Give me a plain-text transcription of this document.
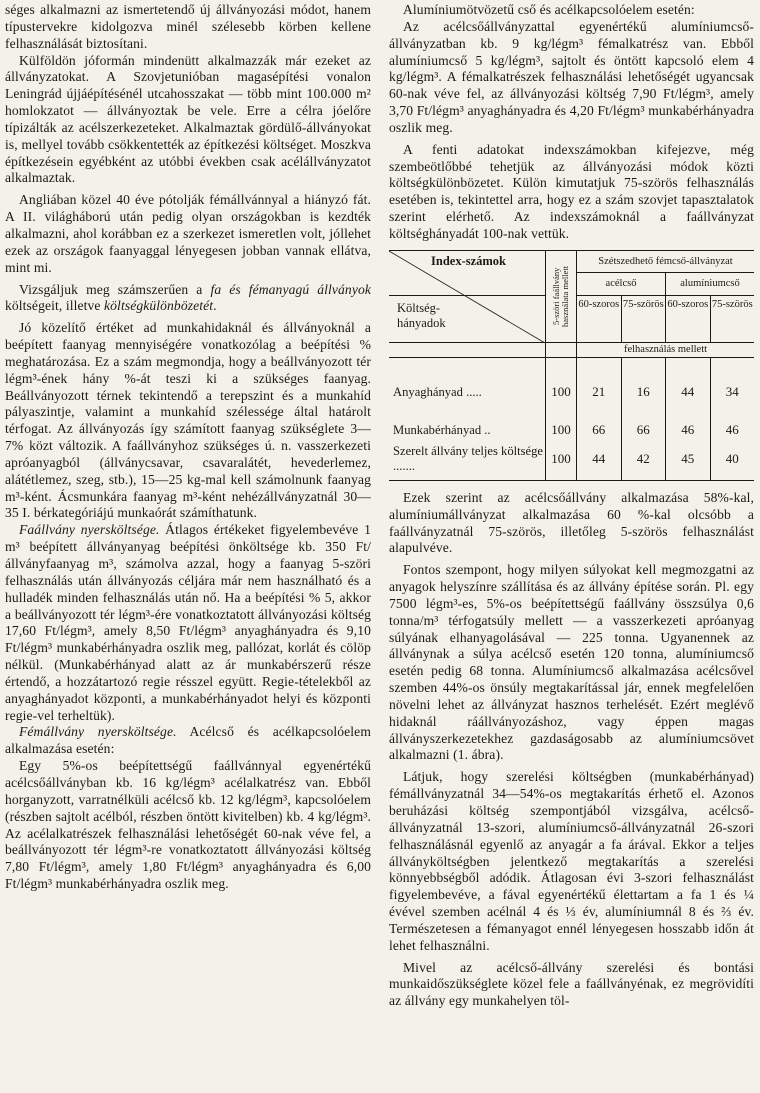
séges alkalmazni az ismertetendő új állványozási módot, hanem típustervekre kidolgozva minél szélesebb körben kellene felhasználását biztosítani.

Külföldön jóformán mindenütt alkalmazzák már ezeket az állványzatokat. A Szovjetunióban magasépítési vonalon Leningrád újjáépítésénél utcahosszakat — több mint 100.000 m² homlokzatot — állványoztak be vele. Erre a célra jóelőre típizálták az acélszerkezeteket. Alkalmaztak gördülő-állványokat is, mellyel tovább csökkentették az építkezési költséget. Moszkva építkezésein egyébként az utóbbi években csak acélállványzatot alkalmaztak.

Angliában közel 40 éve pótolják fémállvánnyal a hiányzó fát. A II. világháború után pedig olyan országokban is kezdték alkalmazni, ahol korábban ez a szerkezet ismeretlen volt, jóllehet ezek az országok faanyaggal lényegesen jobban vannak ellátva, mint mi.

Vizsgáljuk meg számszerűen a fa és fémanyagú állványok költségeit, illetve költségkülönbözetét.

Jó közelítő értéket ad munkahidaknál és állványoknál a beépített faanyag mennyiségére vonatkozólag a beépítési % meghatározása. Ez a szám megmondja, hogy a beállványozott tér légm³-ének hány %-át teszi ki a szükséges faanyag. Beállványozott térnek tekintendő a terepszint és a munkahíd pályaszintje, valamint a munkahíd szélessége által határolt térfogat. Az állványozás így számított faanyag szükséglete 3—7% közt változik. A faállványhoz szükséges ú. n. vasszerkezeti apróanyagból (állványcsavar, csavaralátét, hevederlemez, alátétlemez, szeg, stb.), 15—25 kg-mal kell számolnunk faanyag m³-ként. Ácsmunkára faanyag m³-ként nehézállványzatnál 30—35 I. bérkategóriájú munkaórát számíthatunk.

Faállvány nyersköltsége. Átlagos értékeket figyelembevéve 1 m³ beépített állványanyag beépítési önköltsége kb. 350 Ft/állványfaanyag m³, számolva azzal, hogy a faanyag 5-szöri felhasználás után állványozás céljára már nem használható és a hulladék minden felhasználás után nő. Ha a beépítési % 5, akkor a beállványozott tér légm³-ére vonatkoztatott állványozási költség 17,60 Ft/légm³, amely 8,50 Ft/légm³ anyaghányadra és 9,10 Ft/légm³ munkabérhányadra oszlik meg, pallózat, korlát és cölöp nélkül. (Munkabérhányad alatt az ár munkabérszerű része értendő, a hozzátartozó regie résszel együtt. Regie-tételekből az anyaghányadot központi, a munkabérhányadot helyi és központi regie-vel terheltük).

Fémállvány nyersköltsége. Acélcső és acélkapcsolóelem alkalmazása esetén:

Egy 5%-os beépítettségű faállvánnyal egyenértékű acélcsőállványban kb. 16 kg/légm³ acélalkatrész van. Ebből horganyzott, varratnélküli acélcső kb. 12 kg/légm³, kapcsolóelem (részben sajtolt acélból, részben öntött kivitelben) kb. 4 kg/légm³. Az acélalkatrészek felhasználási lehetőségét 60-nak véve fel, a beállványozott tér légm³-re vonatkoztatott állványozási költség 7,80 Ft/légm³, amely 1,80 Ft/légm³ anyaghányadra és 6,00 Ft/légm³ munkabérhányadra oszlik meg.

Alumíniumötvözetű cső és acélkapcsolóelem esetén:

Az acélcsőállványzattal egyenértékű alumíniumcső-állványzatban kb. 9 kg/légm³ fémalkatrész van. Ebből alumíniumcső 5 kg/légm³, sajtolt és öntött kapcsoló elem 4 kg/légm³. A fémalkatrészek felhasználási lehetőségét ugyancsak 60-nak véve fel, az állványozási költség 7,90 Ft/légm³, amely 3,70 Ft/légm³ anyaghányadra és 4,20 Ft/légm³ munkabérhányadra oszlik meg.

A fenti adatokat indexszámokban kifejezve, még szembeötlőbbé tehetjük az állványozási módok közti költségkülönbözetet. Külön kimutatjuk 75-szörös felhasználás esetében is, tekintettel arra, hogy ez a szám szovjet tapasztalatok szerint elérhető. Az indexszámoknál a faállványzat költséghányadát 100-nak vettük.

Index-számok
Költség-hányadok	5-szöri faállvány használata mellett	Szétszedhető fémcső-állványzat			
		acélcső		alumíniumcső	
		60-szoros	75-szörös	60-szoros	75-szörös
		felhasználás mellett			
Anyaghányad .....	100	21	16	44	34
Munkabérhányad ..	100	66	66	46	46
Szerelt állvány teljes költsége .......	100	44	42	45	40

Ezek szerint az acélcsőállvány alkalmazása 58%-kal, alumíniumállványzat alkalmazása 60 %-kal olcsóbb a faállványzatnál 75-szörös, illetőleg 5-szörös felhasználást alapulvéve.

Fontos szempont, hogy milyen súlyokat kell megmozgatni az anyagok helyszínre szállítása és az állvány építése során. Pl. egy 7500 légm³-es, 5%-os beépítettségű faállvány összsúlya 0,6 tonna/m³ térfogatsúly mellett — a vasszerkezeti apróanyag súlyának elhanyagolásával — 225 tonna. Ugyanennek az állványnak a súlya acélcső esetén 120 tonna, alumíniumcső esetén pedig 68 tonna. Alumíniumcső alkalmazása acélcsővel szemben 44%-os önsúly megtakarítással jár, ennek megfelelően növelni lehet az állványzat hasznos terhelését. Ezért meglévő hidaknál ráállványozáshoz, vagy éppen magas állványszerkezetekhez gazdaságosabb az alumíniumcsövet alkalmazni (1. ábra).

Látjuk, hogy szerelési költségben (munkabérhányad) fémállványzatnál 34—54%-os megtakarítás érhető el. Azonos beruházási költség szempontjából vizsgálva, acélcső-állványzatnál 13-szori, alumíniumcső-állványzatnál 26-szori felhasználásnál egyenlő az anyagár a fa árával. Ekkor a teljes állványköltségben jelentkező megtakarítás a szerelési könnyebbségből adódik. Átlagosan évi 3-szori felhasználást figyelembevéve, a fával egyenértékű élettartam a fa 1 és ¼ évével szemben acélnál 4 és ⅓ év, alumíniumnál 8 és ⅔ év. Természetesen a fémanyagot ennél lényegesen hosszabb időn át lehet felhasználni.

Mivel az acélcső-állvány szerelési és bontási munkaidőszükséglete közel fele a faállványénak, ez megrövidíti az állvány egy munkahelyen töl-
